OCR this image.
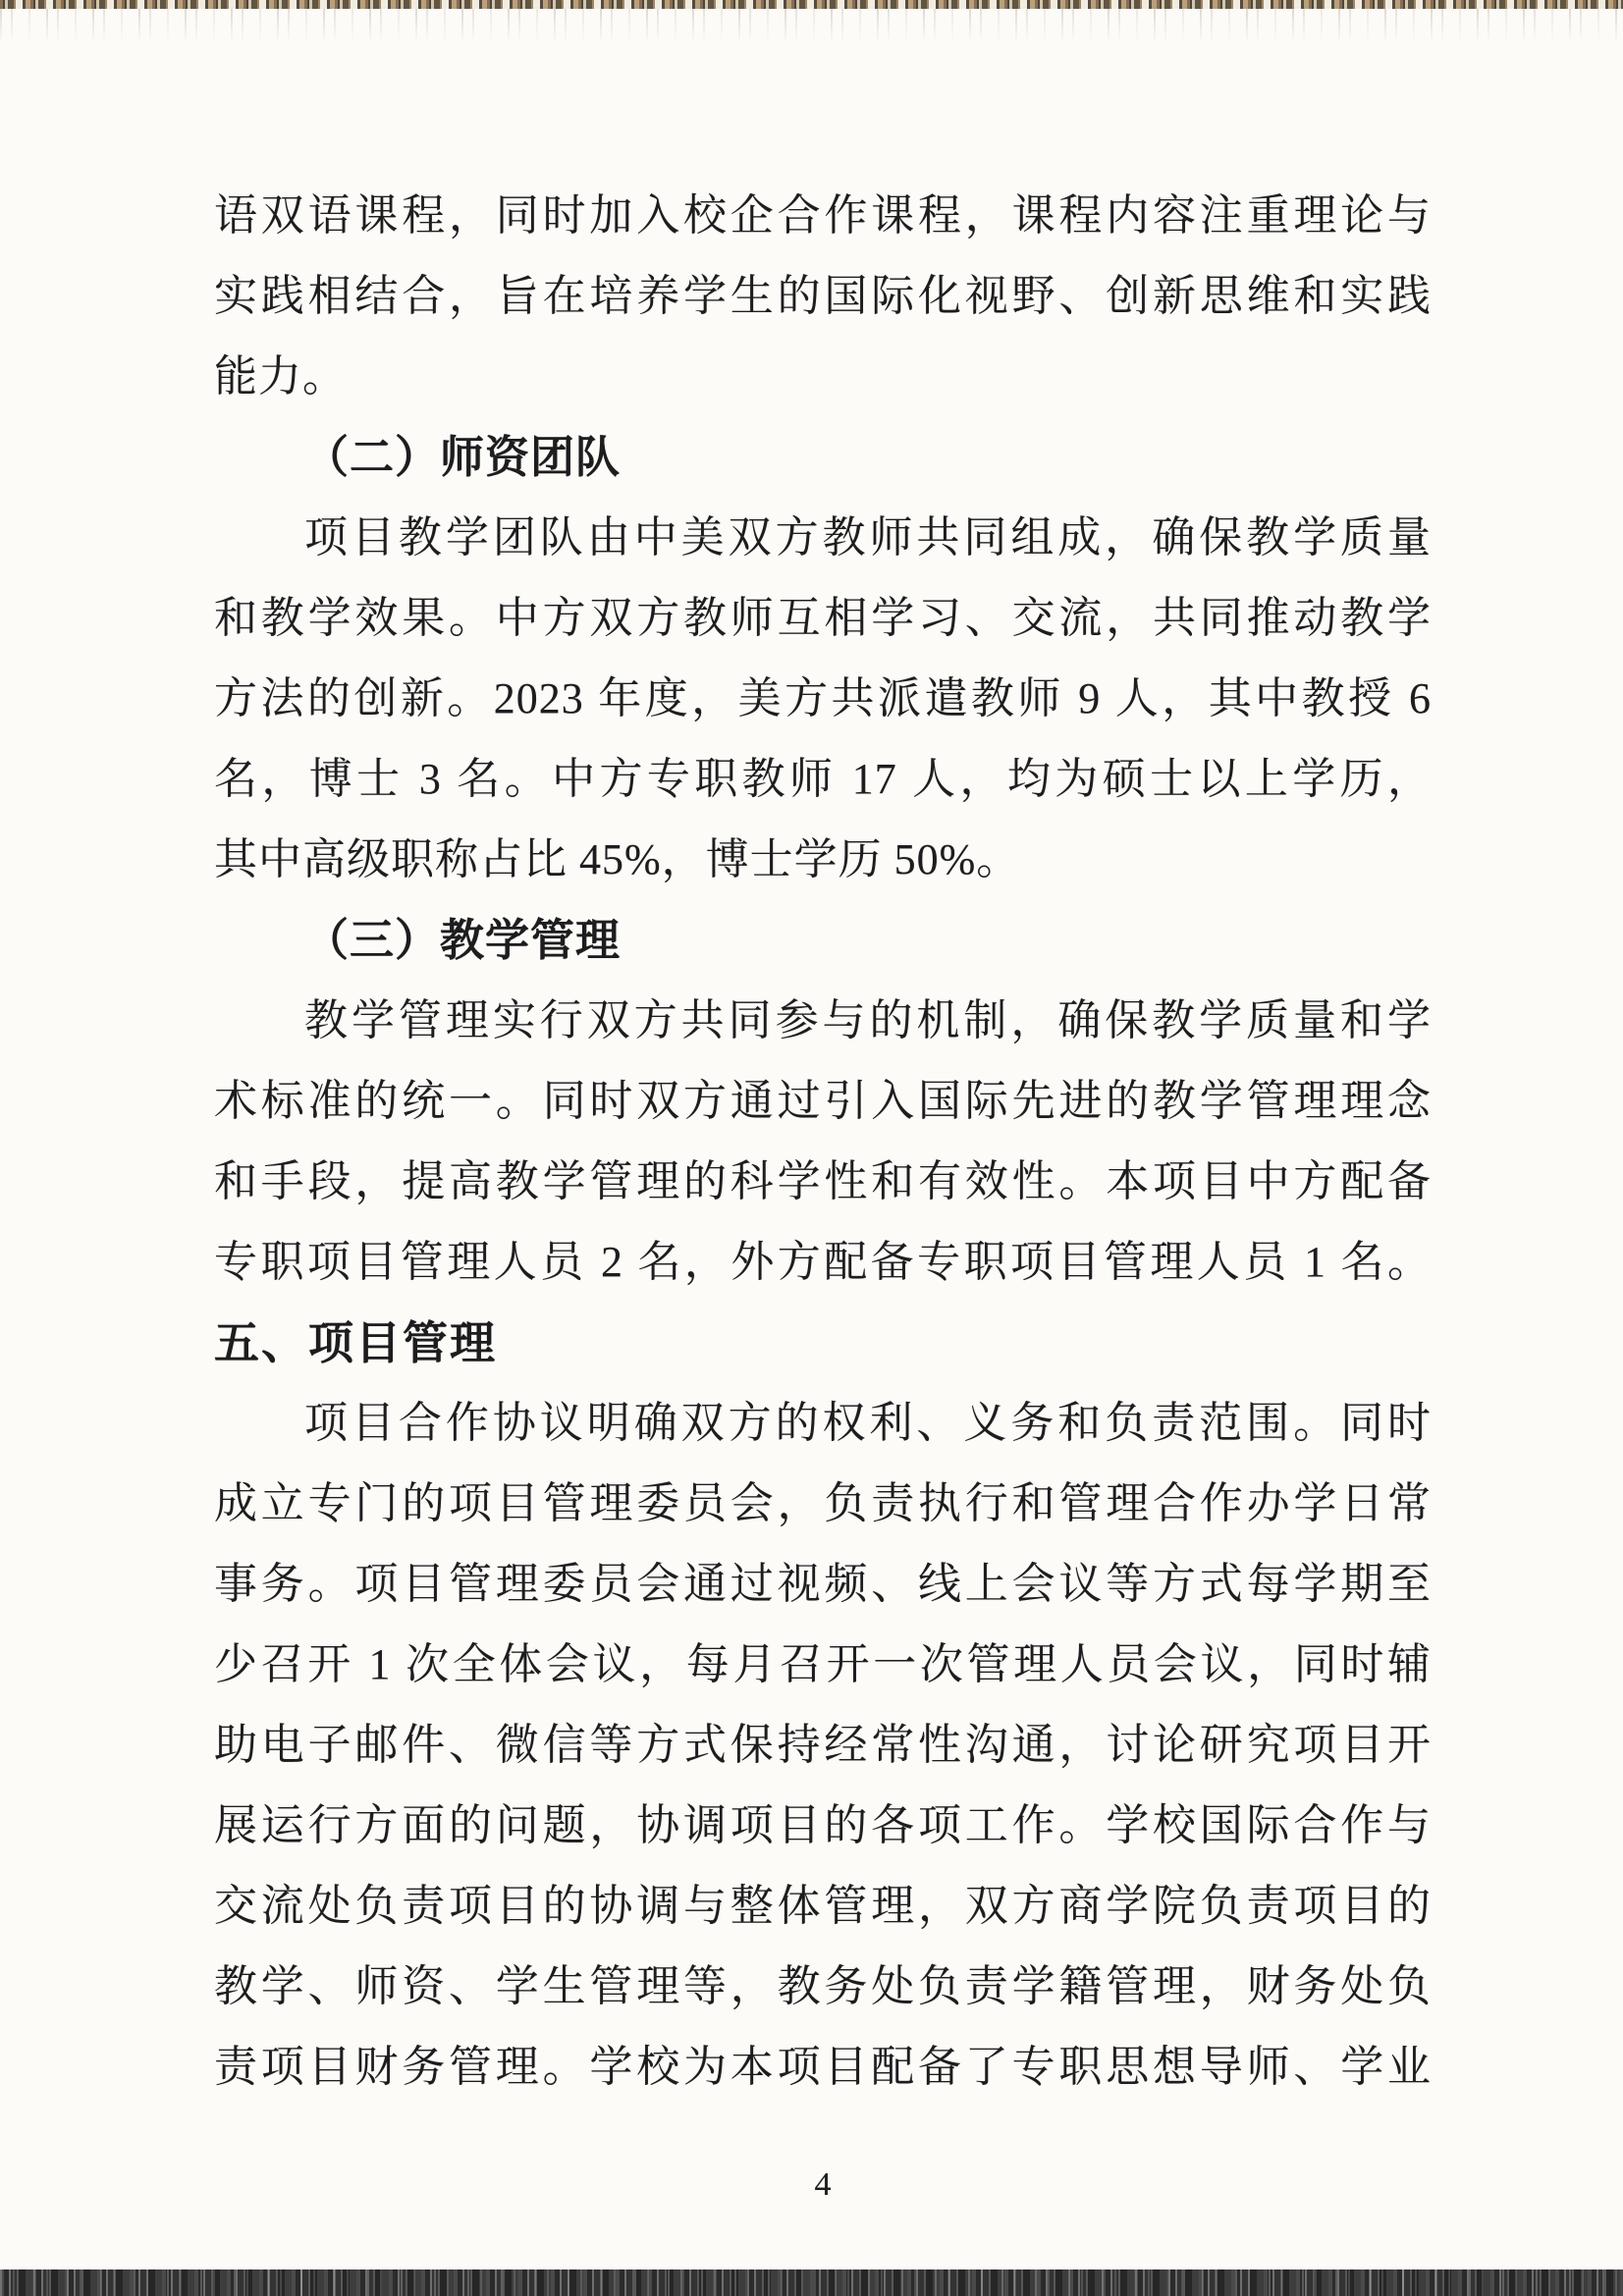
语双语课程，同时加入校企合作课程，课程内容注重理论与
实践相结合，旨在培养学生的国际化视野、创新思维和实践
能力。
（二）师资团队
项目教学团队由中美双方教师共同组成，确保教学质量
和教学效果。中方双方教师互相学习、交流，共同推动教学
方法的创新。2023 年度，美方共派遣教师 9 人，其中教授 6
名，博士 3 名。中方专职教师 17 人，均为硕士以上学历，
其中高级职称占比 45%，博士学历 50%。
（三）教学管理
教学管理实行双方共同参与的机制，确保教学质量和学
术标准的统一。同时双方通过引入国际先进的教学管理理念
和手段，提高教学管理的科学性和有效性。本项目中方配备
专职项目管理人员 2 名，外方配备专职项目管理人员 1 名。
五、项目管理
项目合作协议明确双方的权利、义务和负责范围。同时
成立专门的项目管理委员会，负责执行和管理合作办学日常
事务。项目管理委员会通过视频、线上会议等方式每学期至
少召开 1 次全体会议，每月召开一次管理人员会议，同时辅
助电子邮件、微信等方式保持经常性沟通，讨论研究项目开
展运行方面的问题，协调项目的各项工作。学校国际合作与
交流处负责项目的协调与整体管理，双方商学院负责项目的
教学、师资、学生管理等，教务处负责学籍管理，财务处负
责项目财务管理。学校为本项目配备了专职思想导师、学业
4
